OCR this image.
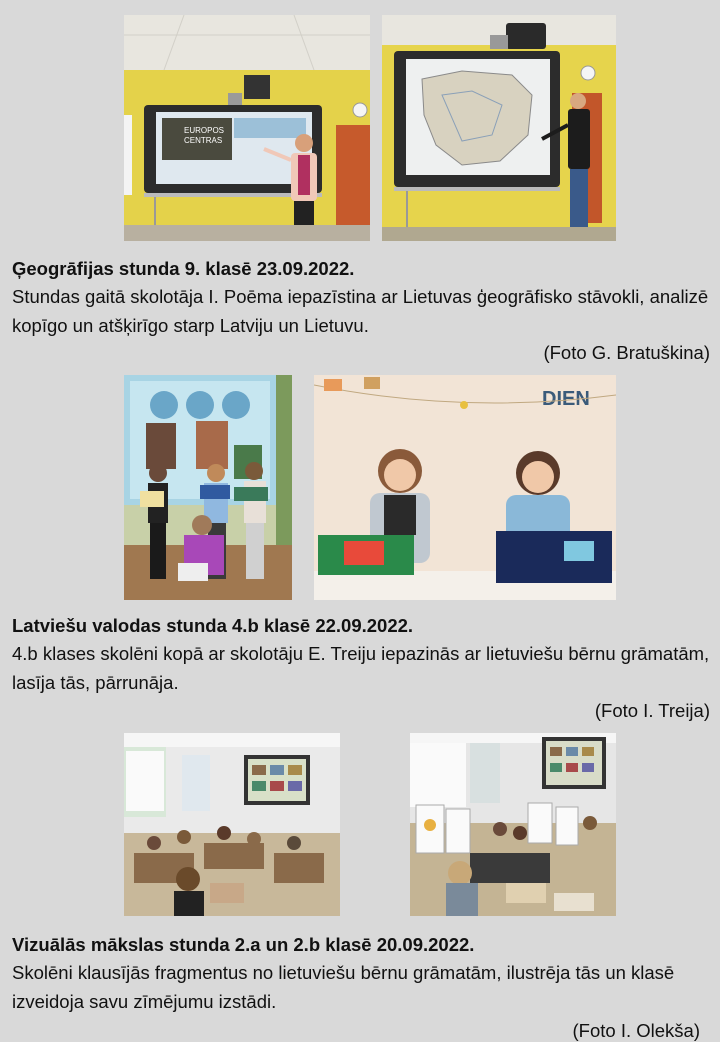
EUROPOS
CENTRAS
Ģeogrāfijas stunda 9. klasē 23.09.2022.
Stundas gaitā skolotāja I. Poēma iepazīstina ar Lietuvas ģeogrāfisko stāvokli, analizē kopīgo un atšķirīgo starp Latviju un Lietuvu.
(Foto G. Bratuškina)
DIEN
Latviešu valodas stunda 4.b klasē 22.09.2022.
4.b klases skolēni kopā ar skolotāju E. Treiju iepazinās ar lietuviešu bērnu grāmatām, lasīja tās, pārrunāja.
(Foto I. Treija)
Vizuālās mākslas stunda 2.a un 2.b klasē 20.09.2022.
Skolēni klausījās fragmentus no lietuviešu bērnu grāmatām, ilustrēja tās un klasē izveidoja savu zīmējumu izstādi.
(Foto I. Olekša)
